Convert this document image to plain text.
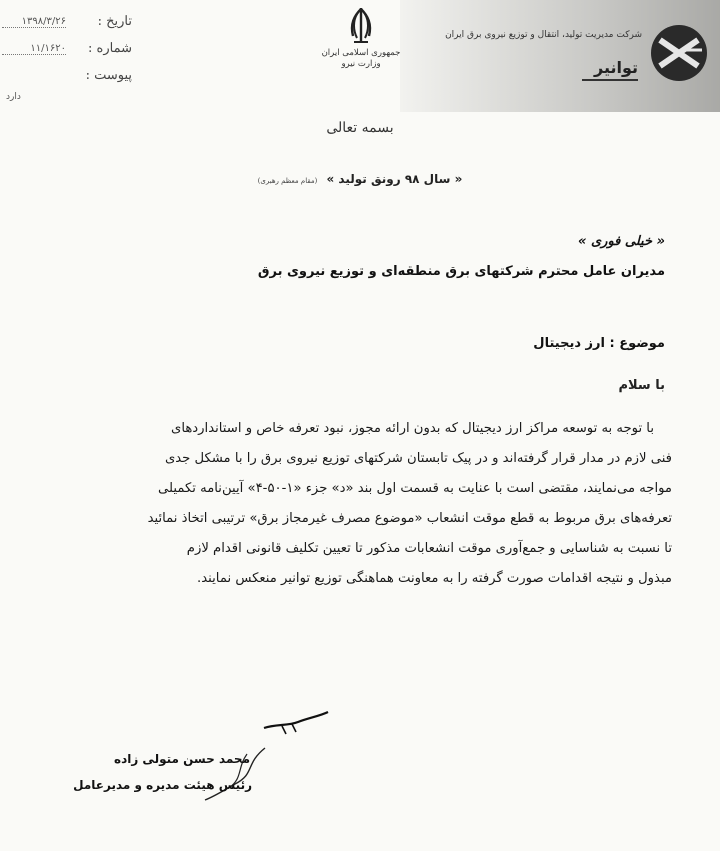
شرکت مدیریت تولید، انتقال و توزیع نیروی برق ایران
توانیر
جمهوری اسلامی ایران
وزارت نیرو
تاریخ :
۱۳۹۸/۳/۲۶
شماره :
۱۱/۱۶۲۰
پیوست :
دارد
بسمه تعالی
« سال ۹۸ رونق تولید » (مقام معظم رهبری)
« خیلی فوری »
مدیران عامل محترم شرکتهای برق منطقه‌ای و توزیع نیروی برق
موضوع : ارز دیجیتال
با سلام
با توجه به توسعه مراکز ارز دیجیتال که بدون ارائه مجوز، نبود تعرفه خاص و استانداردهای
فنی لازم در مدار قرار گرفته‌اند و در پیک تابستان شرکتهای توزیع نیروی برق را با مشکل جدی
مواجه می‌نمایند، مقتضی است با عنایت به قسمت اول بند «د» جزء «۱-۵۰-۴» آیین‌نامه تکمیلی
تعرفه‌های برق مربوط به قطع موقت انشعاب «موضوع مصرف غیرمجاز برق» ترتیبی اتخاذ نمائید
تا نسبت به شناسایی و جمع‌آوری موقت انشعابات مذکور تا تعیین تکلیف قانونی اقدام لازم
مبذول و نتیجه اقدامات صورت گرفته را به معاونت هماهنگی توزیع توانیر منعکس نمایند.
محمد حسن متولی زاده
رئیس هیئت مدیره و مدیرعامل
